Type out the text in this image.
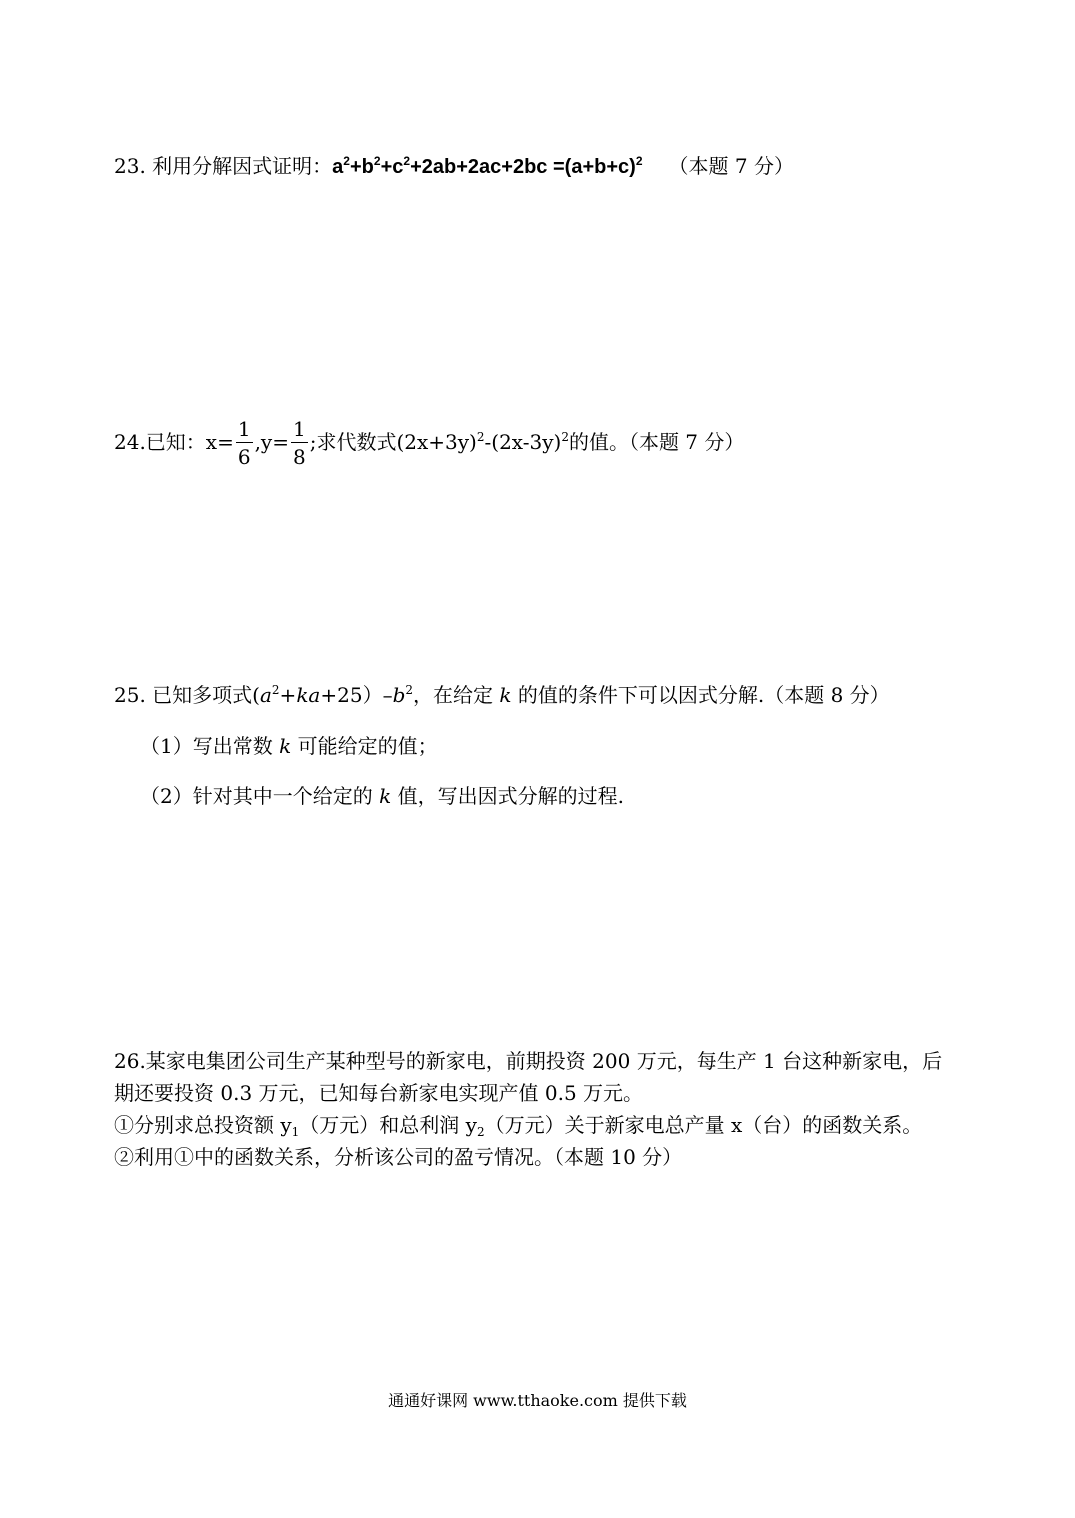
23. 利用分解因式证明：$a^2+b^2+c^2+2ab+2ac+2bc =(a+b+c)^2$ （本题 7 分）
24.已知：$x= \frac{1}{6} ,y= \frac{1}{8}$ ;求代数式$(2x+3y)^2-(2x-3y)^2$的值。（本题 7 分）
25. 已知多项式$(a^2+ka+25)-b^2$，在给定 k 的值的条件下可以因式分解.（本题 8 分）
（1）写出常数 k 可能给定的值；
（2）针对其中一个给定的 k 值，写出因式分解的过程.
26.某家电集团公司生产某种型号的新家电，前期投资 200 万元，每生产 1 台这种新家电，后
期还要投资 0.3 万元，已知每台新家电实现产值 0.5 万元。
①分别求总投资额 $y_1$（万元）和总利润 $y_2$（万元）关于新家电总产量 x（台）的函数关系。
②利用①中的函数关系，分析该公司的盈亏情况。（本题 10 分）
通通好课网 www.tthaoke.com 提供下载
